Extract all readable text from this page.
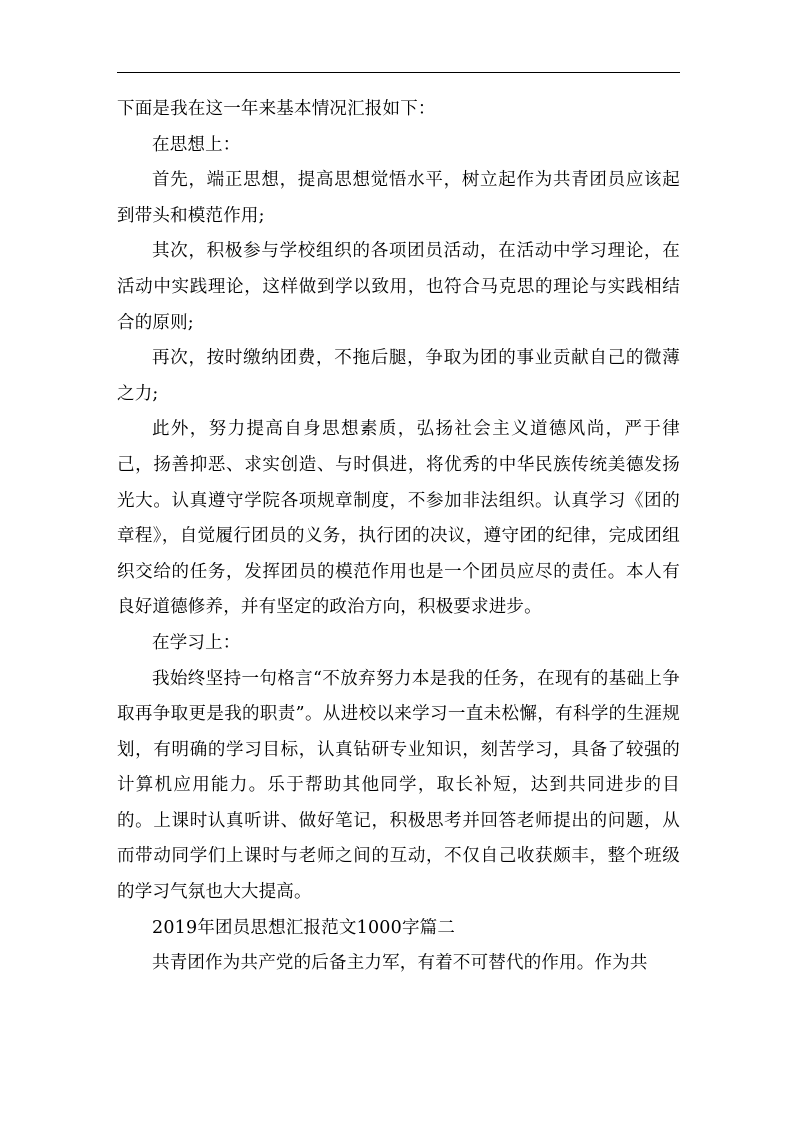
下面是我在这一年来基本情况汇报如下：

在思想上：

首先，端正思想，提高思想觉悟水平，树立起作为共青团员应该起到带头和模范作用;

其次，积极参与学校组织的各项团员活动，在活动中学习理论，在活动中实践理论，这样做到学以致用，也符合马克思的理论与实践相结合的原则;

再次，按时缴纳团费，不拖后腿，争取为团的事业贡献自己的微薄之力;

此外，努力提高自身思想素质，弘扬社会主义道德风尚，严于律己，扬善抑恶、求实创造、与时俱进，将优秀的中华民族传统美德发扬光大。认真遵守学院各项规章制度，不参加非法组织。认真学习《团的章程》，自觉履行团员的义务，执行团的决议，遵守团的纪律，完成团组织交给的任务，发挥团员的模范作用也是一个团员应尽的责任。本人有良好道德修养，并有坚定的政治方向，积极要求进步。

在学习上：

我始终坚持一句格言“不放弃努力本是我的任务，在现有的基础上争取再争取更是我的职责”。从进校以来学习一直未松懈，有科学的生涯规划，有明确的学习目标，认真钻研专业知识，刻苦学习，具备了较强的计算机应用能力。乐于帮助其他同学，取长补短，达到共同进步的目的。上课时认真听讲、做好笔记，积极思考并回答老师提出的问题，从而带动同学们上课时与老师之间的互动，不仅自己收获颇丰，整个班级的学习气氛也大大提高。

2019年团员思想汇报范文1000字篇二

共青团作为共产党的后备主力军，有着不可替代的作用。作为共
